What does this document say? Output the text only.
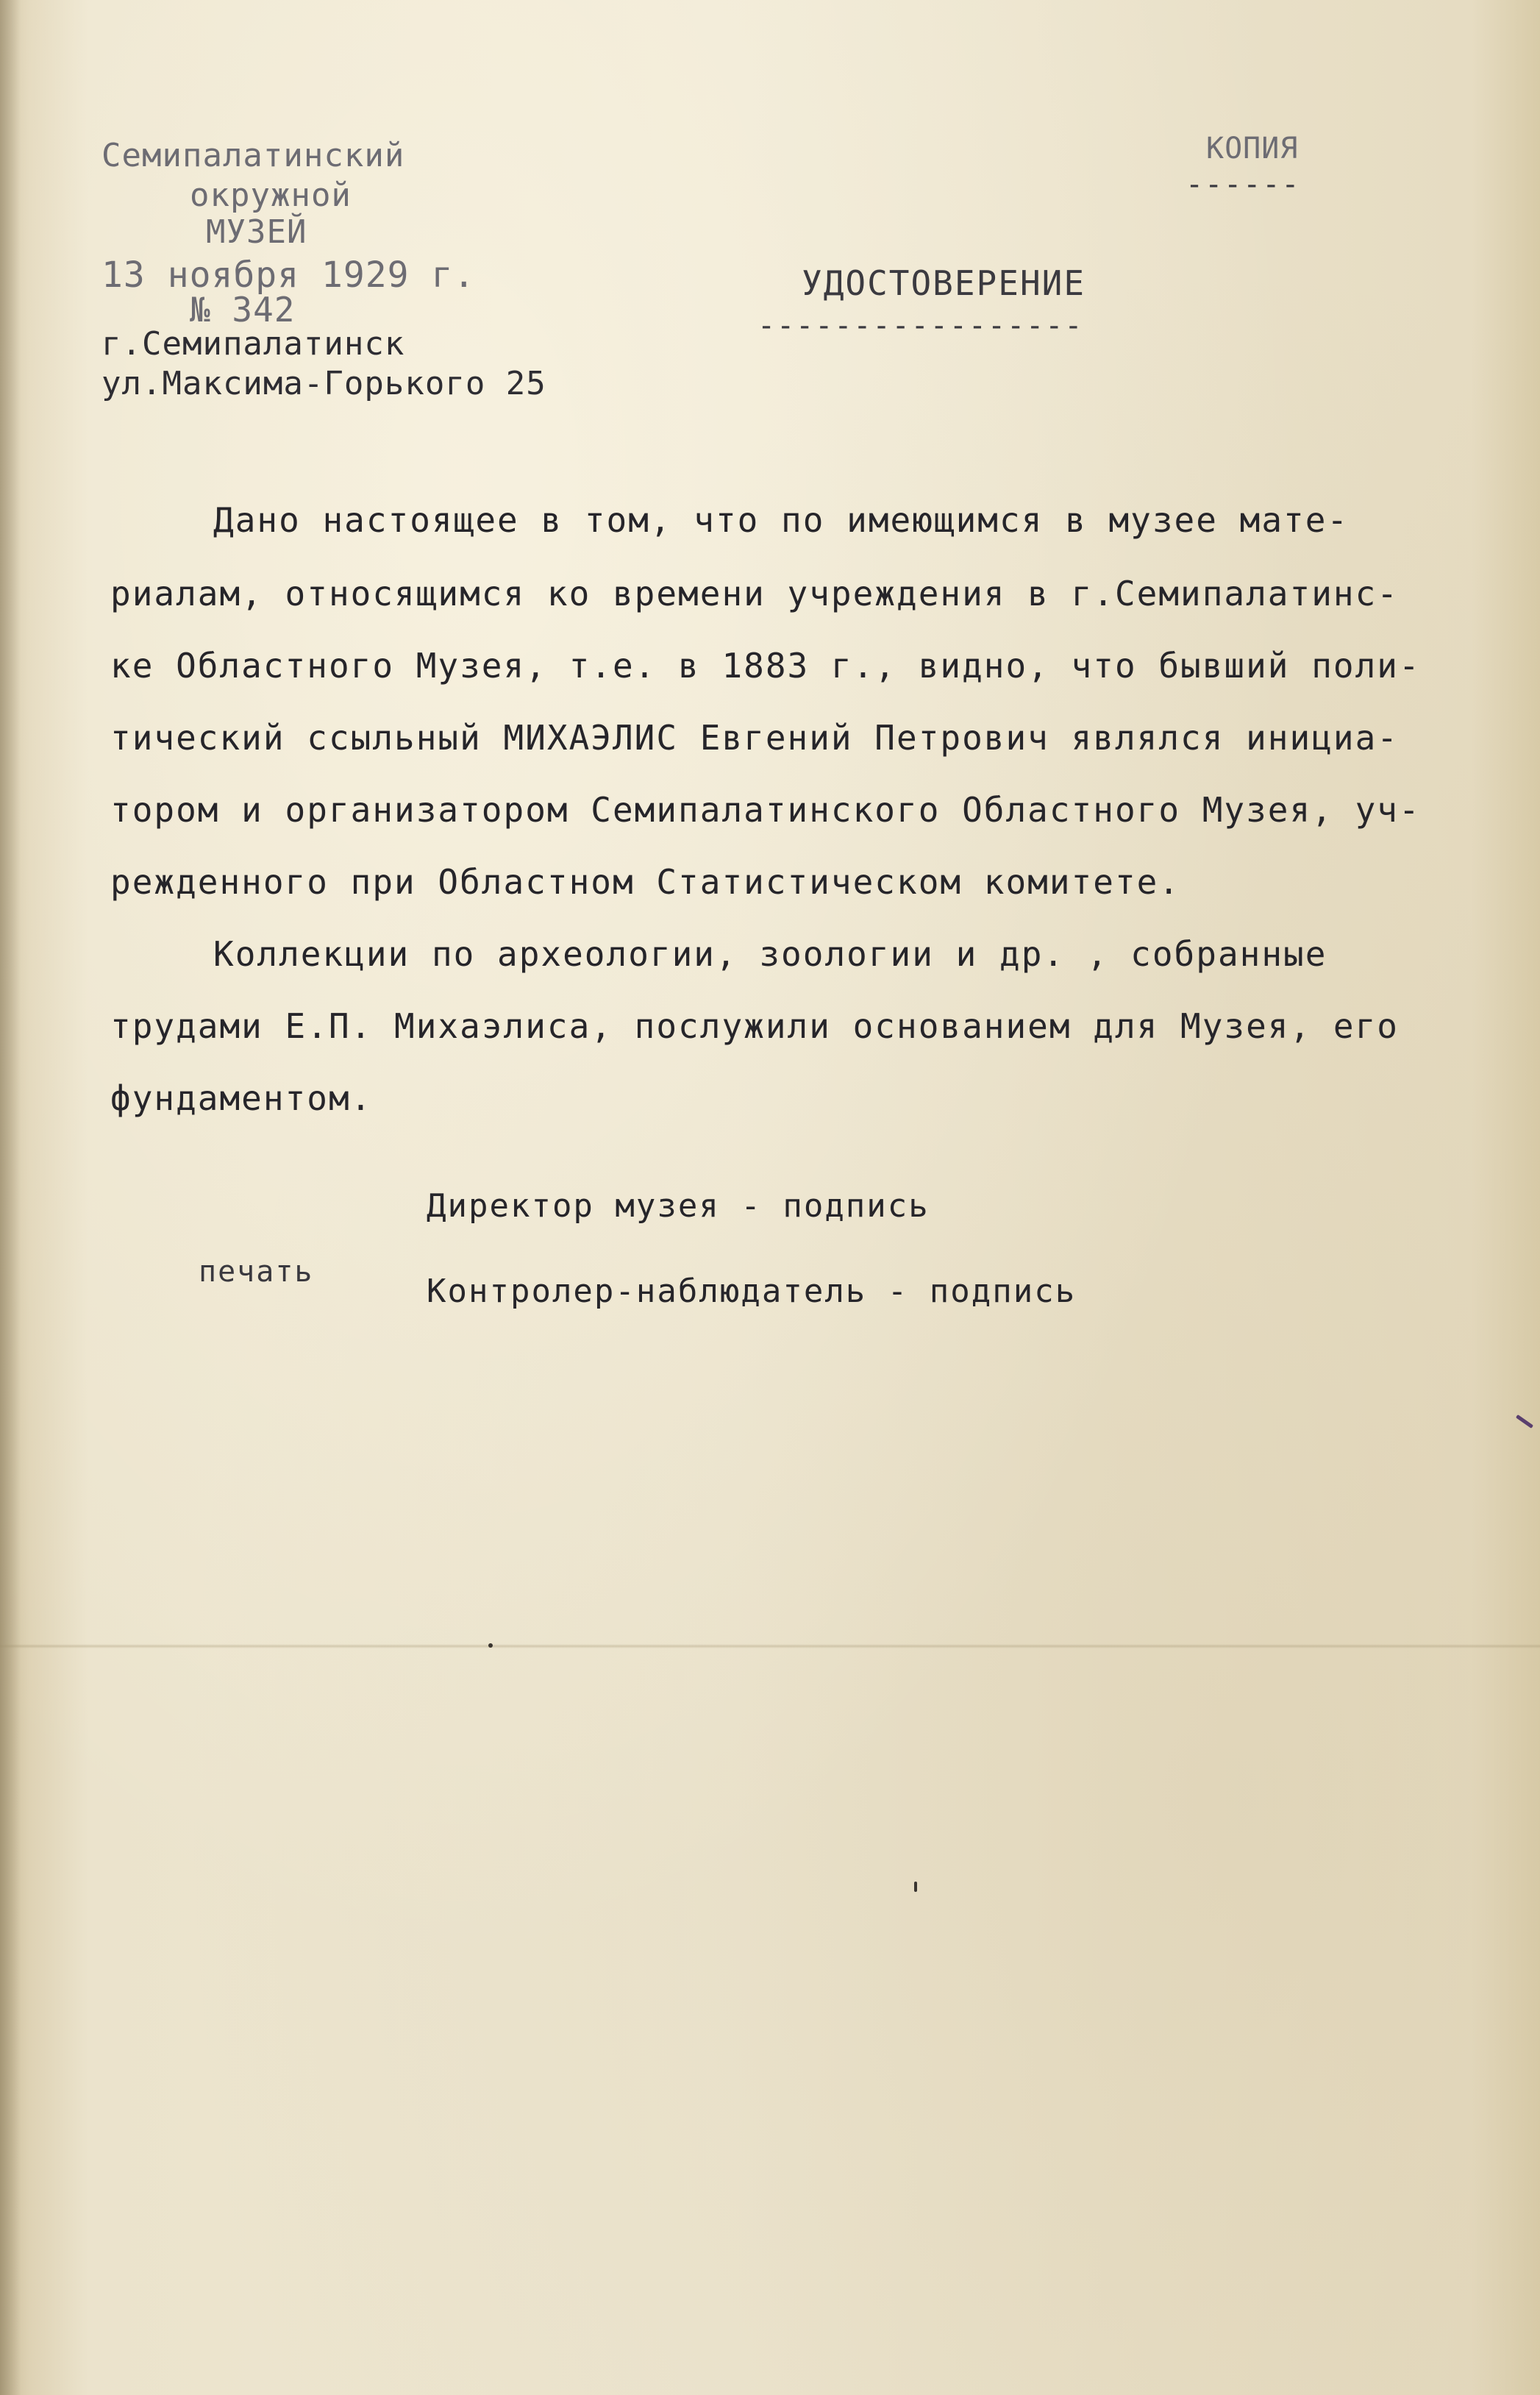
Семипалатинский
окружной
МУЗЕЙ
13 ноября 1929 г.
№ 342
г.Семипалатинск
ул.Максима-Горького 25
КОПИЯ
------
УДОСТОВЕРЕНИЕ
-----------------
Дано настоящее в том, что по имеющимся в музее мате-
риалам, относящимся ко времени учреждения в г.Семипалатинс-
ке Областного Музея, т.е. в 1883 г., видно, что бывший поли-
тический ссыльный МИХАЭЛИС Евгений Петрович являлся инициа-
тором и организатором Семипалатинского Областного Музея, уч-
режденного при Областном Статистическом комитете.
Коллекции по археологии, зоологии и др. , собранные
трудами Е.П. Михаэлиса, послужили основанием для Музея, его
фундаментом.
Директор музея - подпись
печать
Контролер-наблюдатель - подпись
